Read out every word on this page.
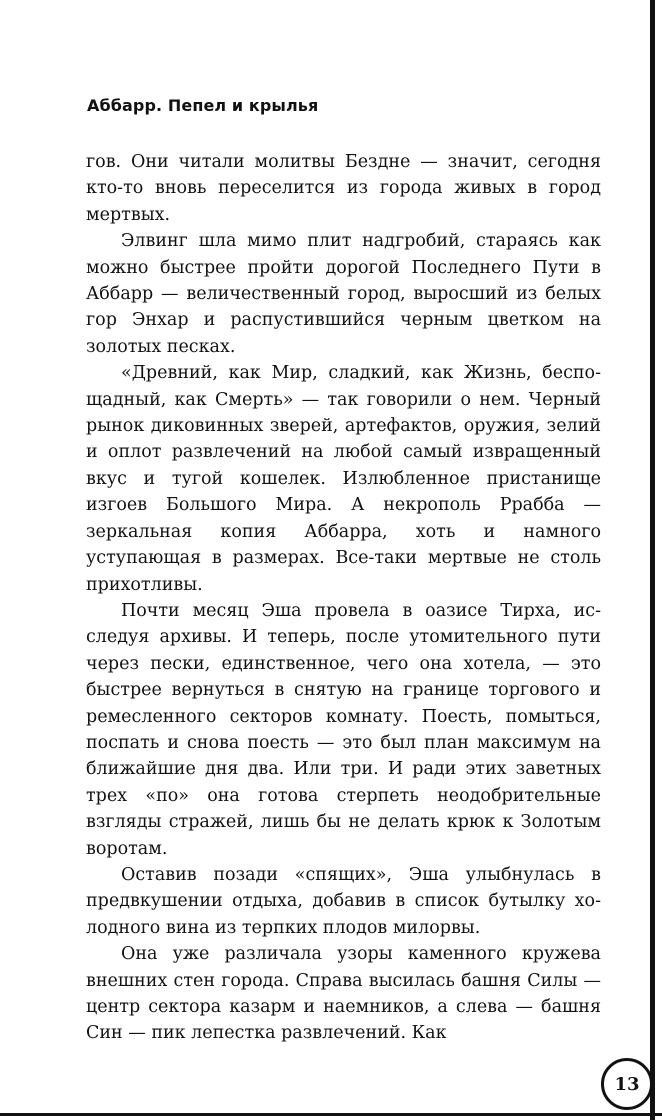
Аббарр. Пепел и крылья

гов. Они читали молитвы Бездне — значит, сегодня кто-то вновь переселится из города живых в город мертвых.

Элвинг шла мимо плит надгробий, стараясь как можно быстрее пройти дорогой Последнего Пути в Аббарр — величественный город, выросший из белых гор Энхар и распустившийся черным цветком на золотых песках.

«Древний, как Мир, сладкий, как Жизнь, беспощадный, как Смерть» — так говорили о нем. Черный рынок диковинных зверей, артефактов, оружия, зелий и оплот развлечений на любой самый извращенный вкус и тугой кошелек. Излюбленное пристанище изгоев Большого Мира. А некрополь Ррабба — зеркальная копия Аббарра, хоть и намного уступающая в размерах. Все-таки мертвые не столь прихотливы.

Почти месяц Эша провела в оазисе Тирха, исследуя архивы. И теперь, после утомительного пути через пески, единственное, чего она хотела, — это быстрее вернуться в снятую на границе торгового и ремесленного секторов комнату. Поесть, помыться, поспать и снова поесть — это был план максимум на ближайшие дня два. Или три. И ради этих заветных трех «по» она готова стерпеть неодобрительные взгляды стражей, лишь бы не делать крюк к Золотым воротам.

Оставив позади «спящих», Эша улыбнулась в предвкушении отдыха, добавив в список бутылку холодного вина из терпких плодов милорвы.

Она уже различала узоры каменного кружева внешних стен города. Справа высилась башня Силы — центр сектора казарм и наемников, а слева — башня Син — пик лепестка развлечений. Как

13
